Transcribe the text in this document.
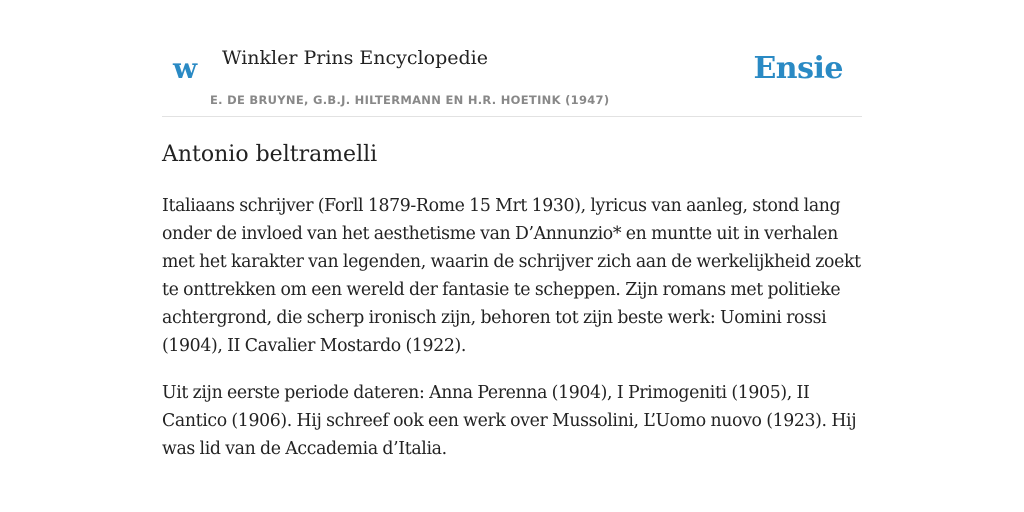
w Winkler Prins Encyclopedie
E. DE BRUYNE, G.B.J. HILTERMANN EN H.R. HOETINK (1947)
Ensie
Antonio beltramelli

Italiaans schrijver (Forll 1879-Rome 15 Mrt 1930), lyricus van aanleg, stond lang onder de invloed van het aesthetisme van D’Annunzio* en muntte uit in verhalen met het karakter van legenden, waarin de schrijver zich aan de werkelijkheid zoekt te onttrekken om een wereld der fantasie te scheppen. Zijn romans met politieke achtergrond, die scherp ironisch zijn, behoren tot zijn beste werk: Uomini rossi (1904), II Cavalier Mostardo (1922).

Uit zijn eerste periode dateren: Anna Perenna (1904), I Primogeniti (1905), II Cantico (1906). Hij schreef ook een werk over Mussolini, L’Uomo nuovo (1923). Hij was lid van de Accademia d’Italia.
